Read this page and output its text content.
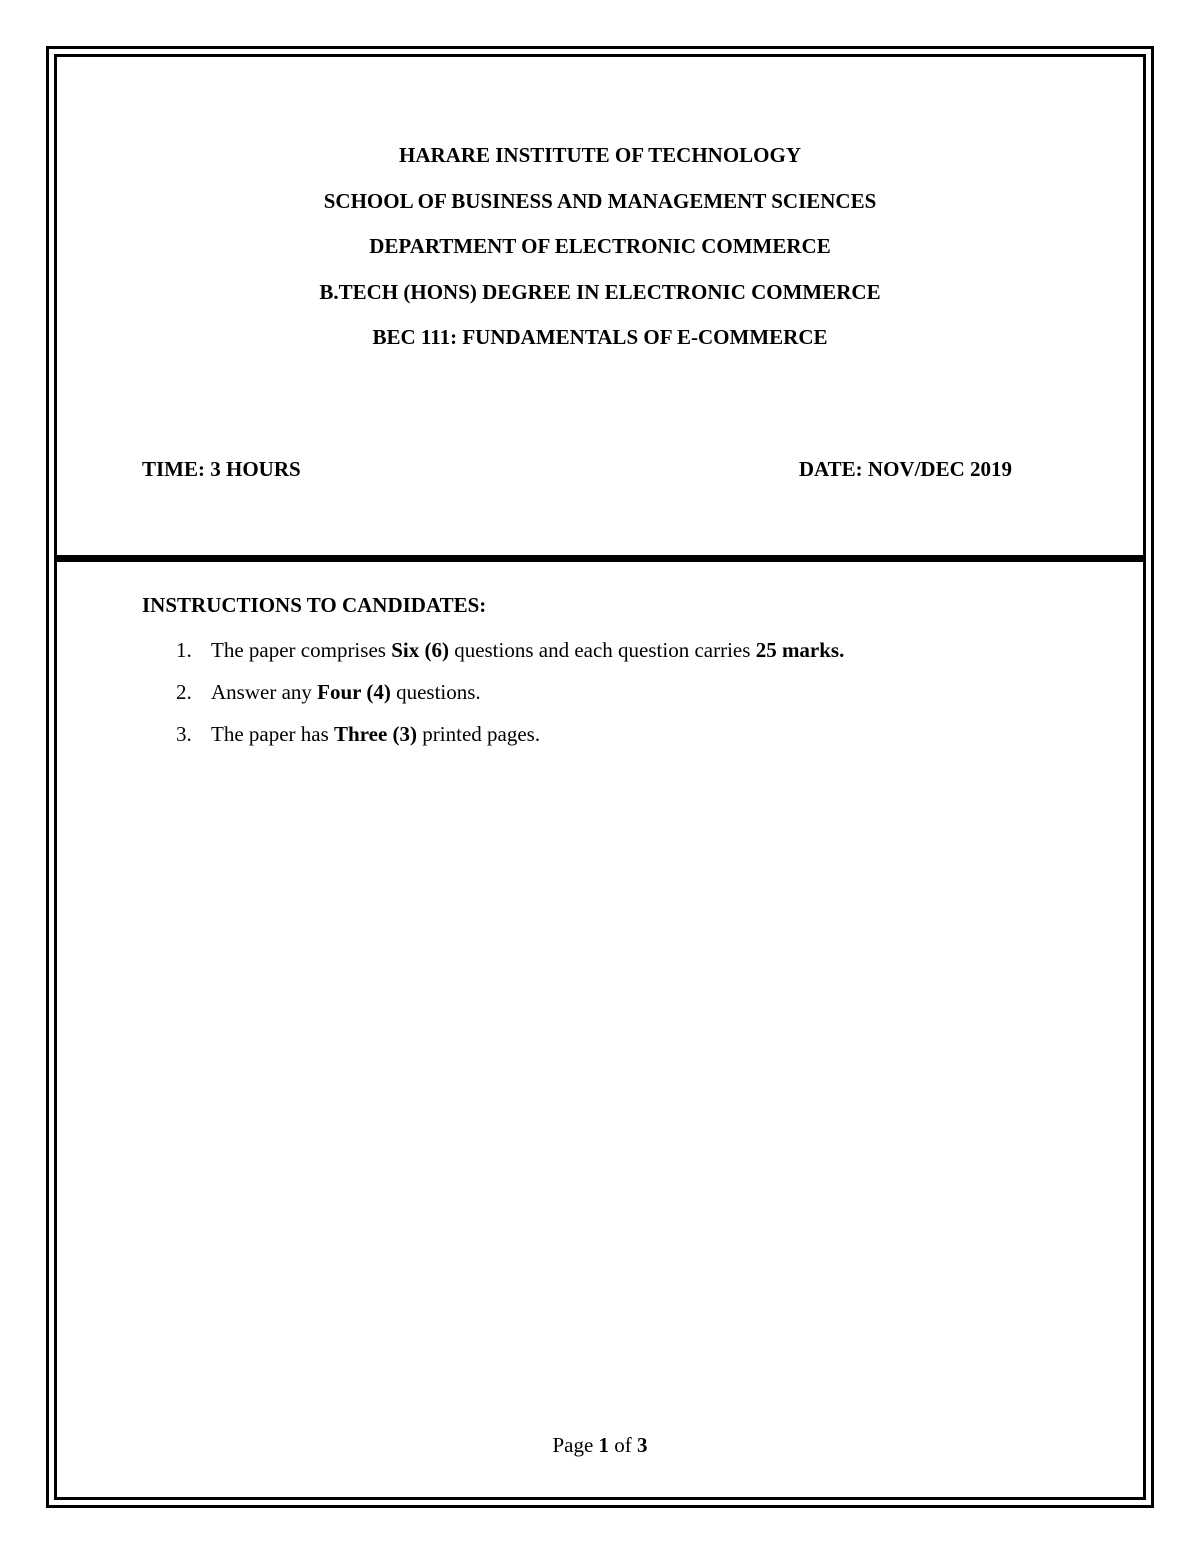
HARARE INSTITUTE OF TECHNOLOGY
SCHOOL OF BUSINESS AND MANAGEMENT SCIENCES
DEPARTMENT OF ELECTRONIC COMMERCE
B.TECH (HONS) DEGREE IN ELECTRONIC COMMERCE
BEC 111: FUNDAMENTALS OF E-COMMERCE
TIME: 3 HOURS	DATE: NOV/DEC 2019
INSTRUCTIONS TO CANDIDATES:
1. The paper comprises Six (6) questions and each question carries 25 marks.
2. Answer any Four (4) questions.
3. The paper has Three (3) printed pages.
Page 1 of 3
